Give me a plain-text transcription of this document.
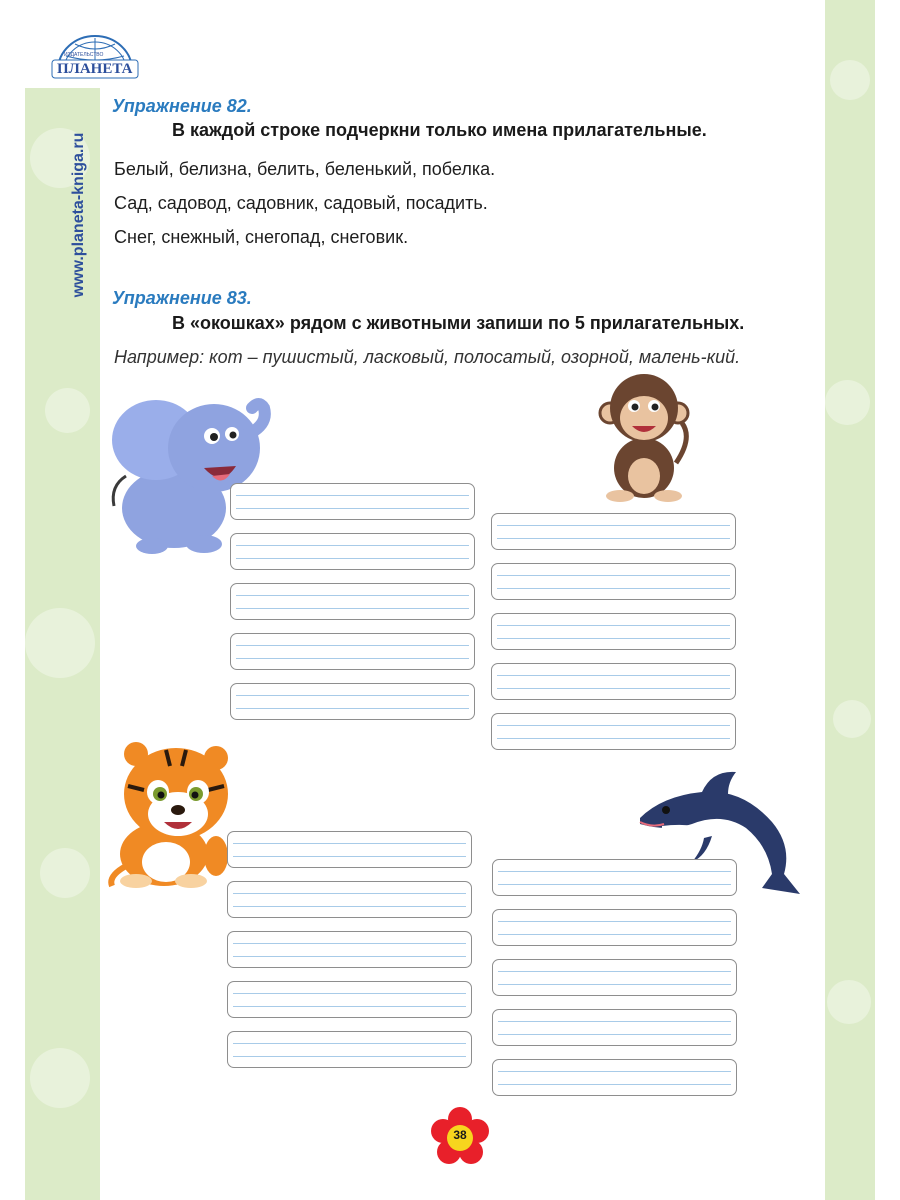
ИЗДАТЕЛЬСТВО
ПЛАНЕТА
www.planeta-kniga.ru
Упражнение 82.
В каждой строке подчеркни только имена прилагательные.
Белый, белизна, белить, беленький, побелка.
Сад, садовод, садовник, садовый, посадить.
Снег, снежный, снегопад, снеговик.
Упражнение 83.
В «окошках» рядом с животными запиши по 5 прилагательных.
Например: кот – пушистый, ласковый, полосатый, озорной, малень-кий.
38
